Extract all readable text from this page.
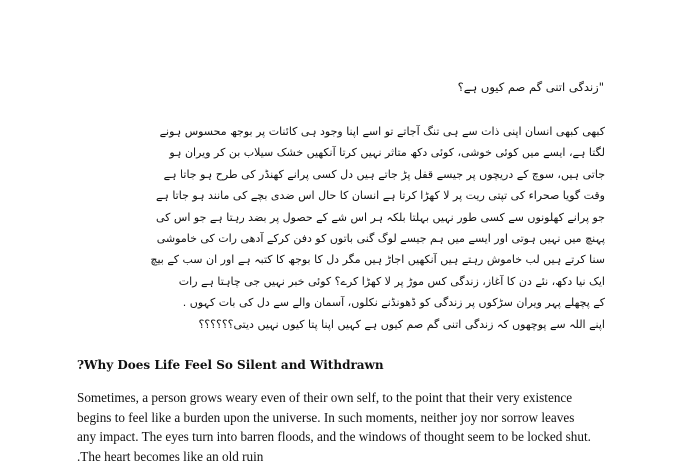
"زندگی اتنی گم صم کیوں ہے؟
کبھی کبھی انسان اپنی ذات سے ہی تنگ آجاتے تو اسے اپنا وجود ہی کائنات پر بوجھ محسوس ہونے
لگتا ہے، ایسے میں کوئی خوشی، کوئی دکھ متاثر نہیں کرتا آنکھیں خشک سیلاب بن کر ویران ہو
جاتی ہیں، سوچ کے دریچوں پر جیسے قفل پڑ جاتے ہیں دل کسی پرانے کھنڈر کی طرح ہو جاتا ہے
وقت گویا صحراء کی تپتی ریت پر لا کھڑا کرتا ہے انسان کا حال اس ضدی بچے کی مانند ہو جاتا ہے
جو پرانے کھلونوں سے کسی طور نہیں بہلتا بلکہ ہر اس شے کے حصول پر بضد رہتا ہے جو اس کی
پہنچ میں نہیں ہوتی اور ایسے میں ہم جیسے لوگ گنی باتوں کو دفن کرکے آدھی رات کی خاموشی
سنا کرتے ہیں لب خاموش رہتے ہیں آنکھیں اجاڑ ہیں مگر دل کا بوجھ کا کتبہ ہے اور ان سب کے بیچ
ایک نیا دکھ، نئے دن کا آغاز، زندگی کس موڑ پر لا کھڑا کرے؟ کوئی خبر نہیں جی چاہتا ہے رات
کے پچھلے پہر ویران سڑکوں پر زندگی کو ڈھونڈنے نکلوں، آسمان والے سے دل کی بات کہوں .
اپنے اللہ سے پوچھوں کہ زندگی اتنی گم صم کیوں ہے کہیں اپنا پتا کیوں نہیں دیتی؟؟؟؟؟؟
?Why Does Life Feel So Silent and Withdrawn
Sometimes, a person grows weary even of their own self, to the point that their very existence
begins to feel like a burden upon the universe. In such moments, neither joy nor sorrow leaves
any impact. The eyes turn into barren floods, and the windows of thought seem to be locked shut.
.The heart becomes like an old ruin
